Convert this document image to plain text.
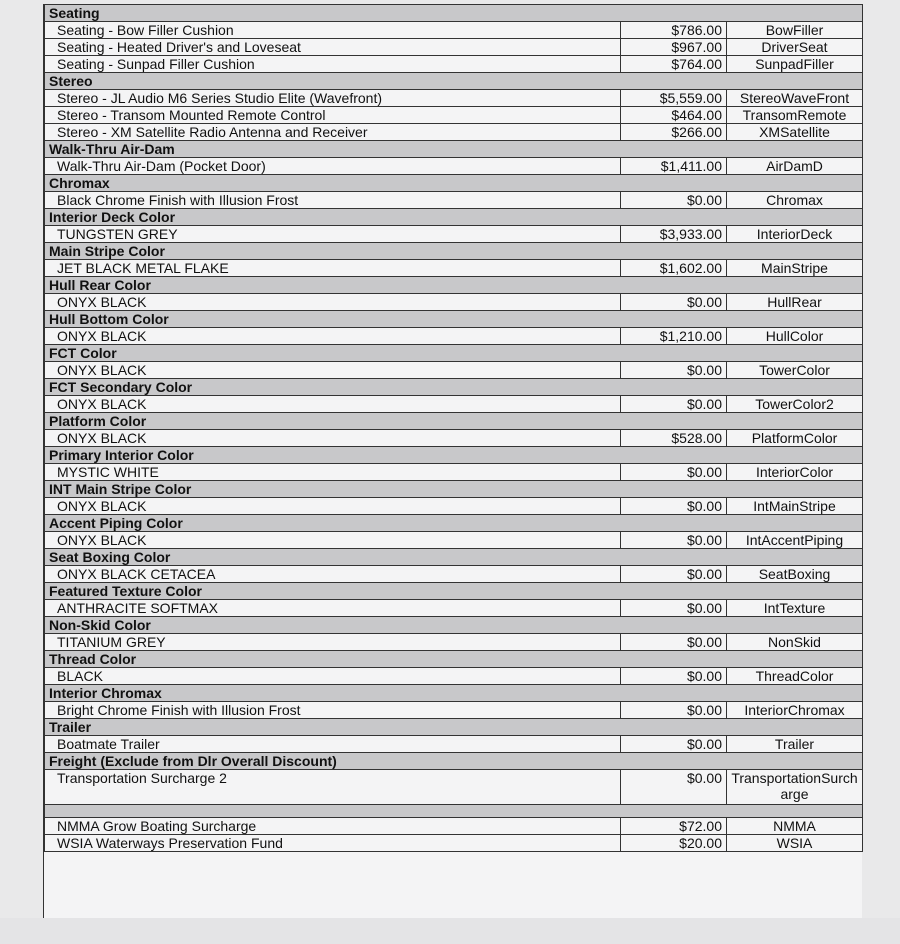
Seating		
Seating - Bow Filler Cushion	$786.00	BowFiller
Seating - Heated Driver's and Loveseat	$967.00	DriverSeat
Seating - Sunpad Filler Cushion	$764.00	SunpadFiller
Stereo		
Stereo - JL Audio M6 Series Studio Elite (Wavefront)	$5,559.00	StereoWaveFront
Stereo - Transom Mounted Remote Control	$464.00	TransomRemote
Stereo - XM Satellite Radio Antenna and Receiver	$266.00	XMSatellite
Walk-Thru Air-Dam		
Walk-Thru Air-Dam (Pocket Door)	$1,411.00	AirDamD
Chromax		
Black Chrome Finish with Illusion Frost	$0.00	Chromax
Interior Deck Color		
TUNGSTEN GREY	$3,933.00	InteriorDeck
Main Stripe Color		
JET BLACK METAL FLAKE	$1,602.00	MainStripe
Hull Rear Color		
ONYX BLACK	$0.00	HullRear
Hull Bottom Color		
ONYX BLACK	$1,210.00	HullColor
FCT Color		
ONYX BLACK	$0.00	TowerColor
FCT Secondary Color		
ONYX BLACK	$0.00	TowerColor2
Platform Color		
ONYX BLACK	$528.00	PlatformColor
Primary Interior Color		
MYSTIC WHITE	$0.00	InteriorColor
INT Main Stripe Color		
ONYX BLACK	$0.00	IntMainStripe
Accent Piping Color		
ONYX BLACK	$0.00	IntAccentPiping
Seat Boxing Color		
ONYX BLACK CETACEA	$0.00	SeatBoxing
Featured Texture Color		
ANTHRACITE SOFTMAX	$0.00	IntTexture
Non-Skid Color		
TITANIUM GREY	$0.00	NonSkid
Thread Color		
BLACK	$0.00	ThreadColor
Interior Chromax		
Bright Chrome Finish with Illusion Frost	$0.00	InteriorChromax
Trailer		
Boatmate Trailer	$0.00	Trailer
Freight (Exclude from Dlr Overall Discount)		
Transportation Surcharge 2	$0.00	TransportationSurcharge

NMMA Grow Boating Surcharge	$72.00	NMMA
WSIA Waterways Preservation Fund	$20.00	WSIA
